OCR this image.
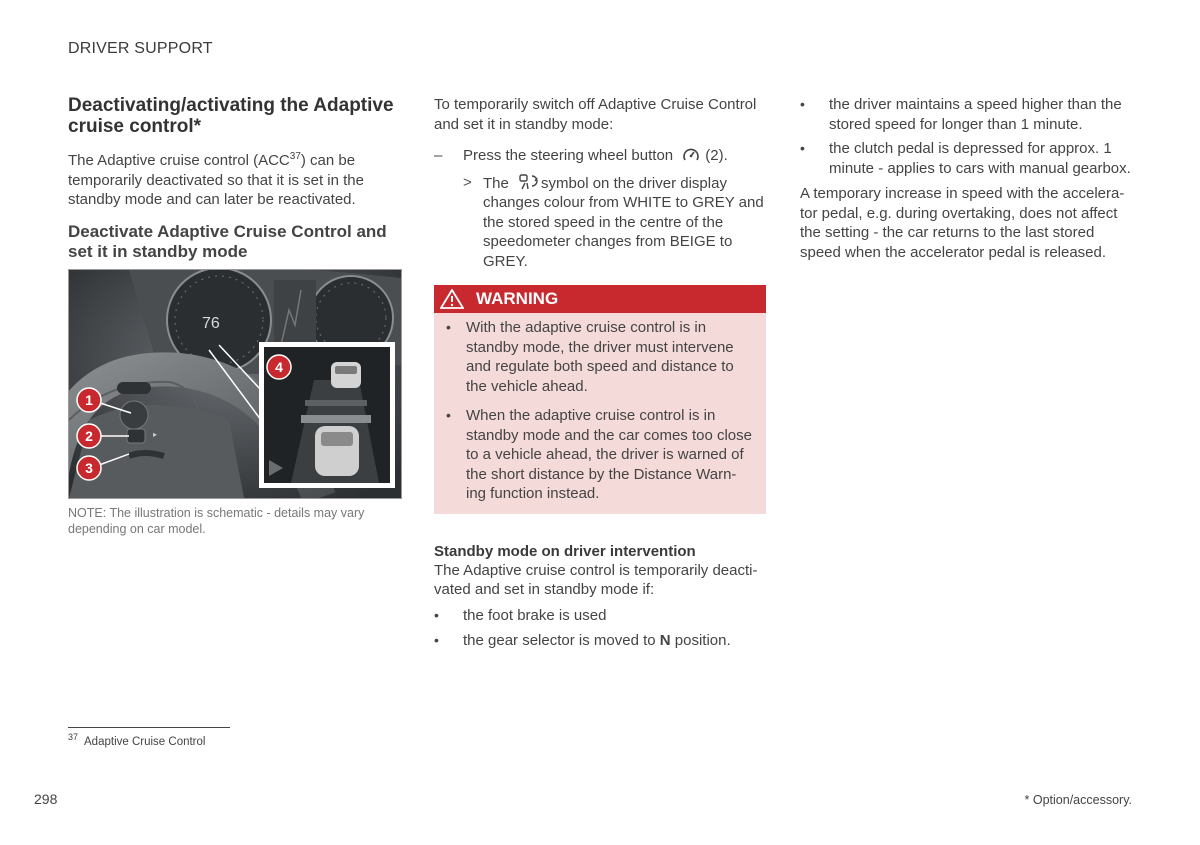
DRIVER SUPPORT
Deactivating/activating the Adaptive cruise control*

The Adaptive cruise control (ACC$^{37}$) can be temporarily deactivated so that it is set in the standby mode and can later be reactivated.

Deactivate Adaptive Cruise Control and set it in standby mode
76
▸
G052864
1
2
3
4
NOTE: The illustration is schematic - details may vary depending on car model.

To temporarily switch off Adaptive Cruise Control and set it in standby mode:

–	Press the steering wheel button (2).

> The symbol on the driver display changes colour from WHITE to GREY and the stored speed in the centre of the speedometer changes from BEIGE to GREY.

WARNING
•	With the adaptive cruise control is in standby mode, the driver must intervene and regulate both speed and distance to the vehicle ahead.
•	When the adaptive cruise control is in standby mode and the car comes too close to a vehicle ahead, the driver is warned of the short distance by the Distance Warn-ing function instead.
Standby mode on driver intervention

The Adaptive cruise control is temporarily deacti-vated and set in standby mode if:

•	the foot brake is used
•	the gear selector is moved to N position.
•	the driver maintains a speed higher than the stored speed for longer than 1 minute.
•	the clutch pedal is depressed for approx. 1 minute - applies to cars with manual gearbox.

A temporary increase in speed with the accelera-tor pedal, e.g. during overtaking, does not affect the setting - the car returns to the last stored speed when the accelerator pedal is released.

$^{37}$ Adaptive Cruise Control
298	* Option/accessory.
